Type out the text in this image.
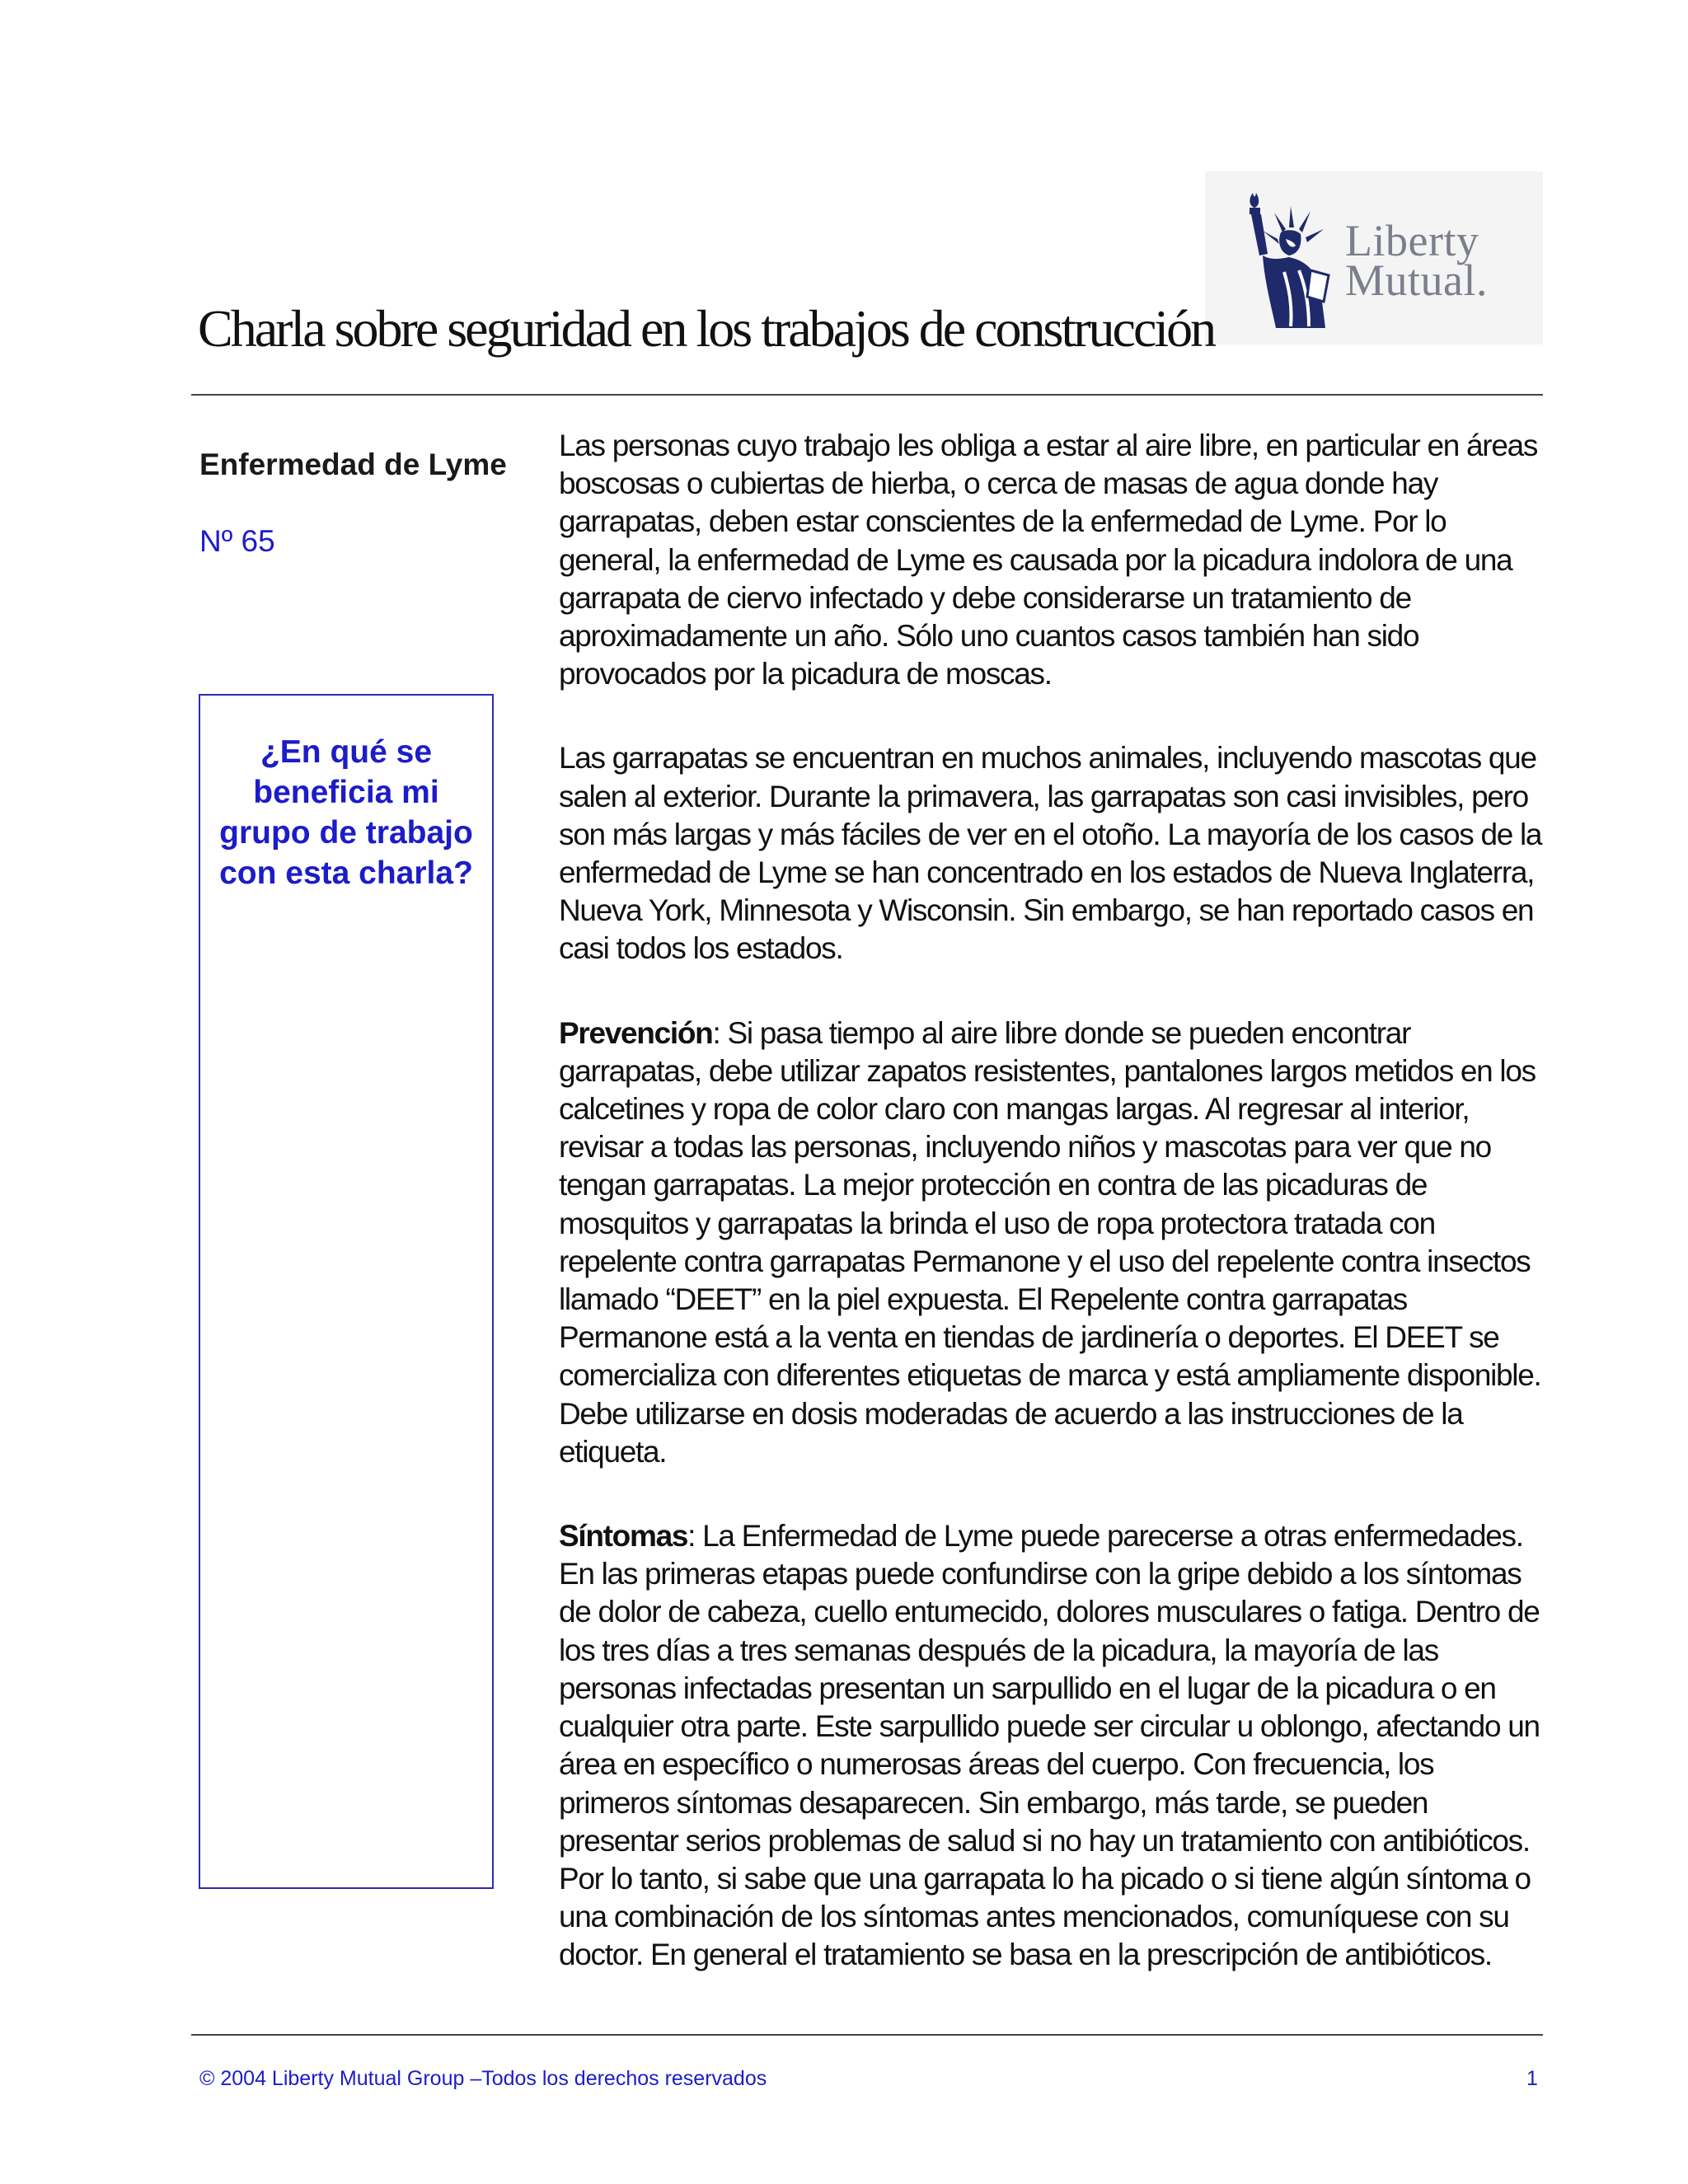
Liberty
Mutual.
Charla sobre seguridad en los trabajos de construcción

Enfermedad de Lyme

Nº 65

¿En qué se beneficia mi grupo de trabajo con esta charla?

Las personas cuyo trabajo les obliga a estar al aire libre, en particular en áreas boscosas o cubiertas de hierba, o cerca de masas de agua donde hay garrapatas, deben estar conscientes de la enfermedad de Lyme. Por lo general, la enfermedad de Lyme es causada por la picadura indolora de una garrapata de ciervo infectado y debe considerarse un tratamiento de aproximadamente un año. Sólo uno cuantos casos también han sido provocados por la picadura de moscas.

Las garrapatas se encuentran en muchos animales, incluyendo mascotas que salen al exterior. Durante la primavera, las garrapatas son casi invisibles, pero son más largas y más fáciles de ver en el otoño. La mayoría de los casos de la enfermedad de Lyme se han concentrado en los estados de Nueva Inglaterra, Nueva York, Minnesota y Wisconsin. Sin embargo, se han reportado casos en casi todos los estados.

Prevención: Si pasa tiempo al aire libre donde se pueden encontrar garrapatas, debe utilizar zapatos resistentes, pantalones largos metidos en los calcetines y ropa de color claro con mangas largas. Al regresar al interior, revisar a todas las personas, incluyendo niños y mascotas para ver que no tengan garrapatas. La mejor protección en contra de las picaduras de mosquitos y garrapatas la brinda el uso de ropa protectora tratada con repelente contra garrapatas Permanone y el uso del repelente contra insectos llamado “DEET” en la piel expuesta. El Repelente contra garrapatas Permanone está a la venta en tiendas de jardinería o deportes. El DEET se comercializa con diferentes etiquetas de marca y está ampliamente disponible. Debe utilizarse en dosis moderadas de acuerdo a las instrucciones de la etiqueta.

Síntomas: La Enfermedad de Lyme puede parecerse a otras enfermedades. En las primeras etapas puede confundirse con la gripe debido a los síntomas de dolor de cabeza, cuello entumecido, dolores musculares o fatiga. Dentro de los tres días a tres semanas después de la picadura, la mayoría de las personas infectadas presentan un sarpullido en el lugar de la picadura o en cualquier otra parte. Este sarpullido puede ser circular u oblongo, afectando un área en específico o numerosas áreas del cuerpo. Con frecuencia, los primeros síntomas desaparecen. Sin embargo, más tarde, se pueden presentar serios problemas de salud si no hay un tratamiento con antibióticos. Por lo tanto, si sabe que una garrapata lo ha picado o si tiene algún síntoma o una combinación de los síntomas antes mencionados, comuníquese con su doctor. En general el tratamiento se basa en la prescripción de antibióticos.

© 2004 Liberty Mutual Group –Todos los derechos reservados	1
